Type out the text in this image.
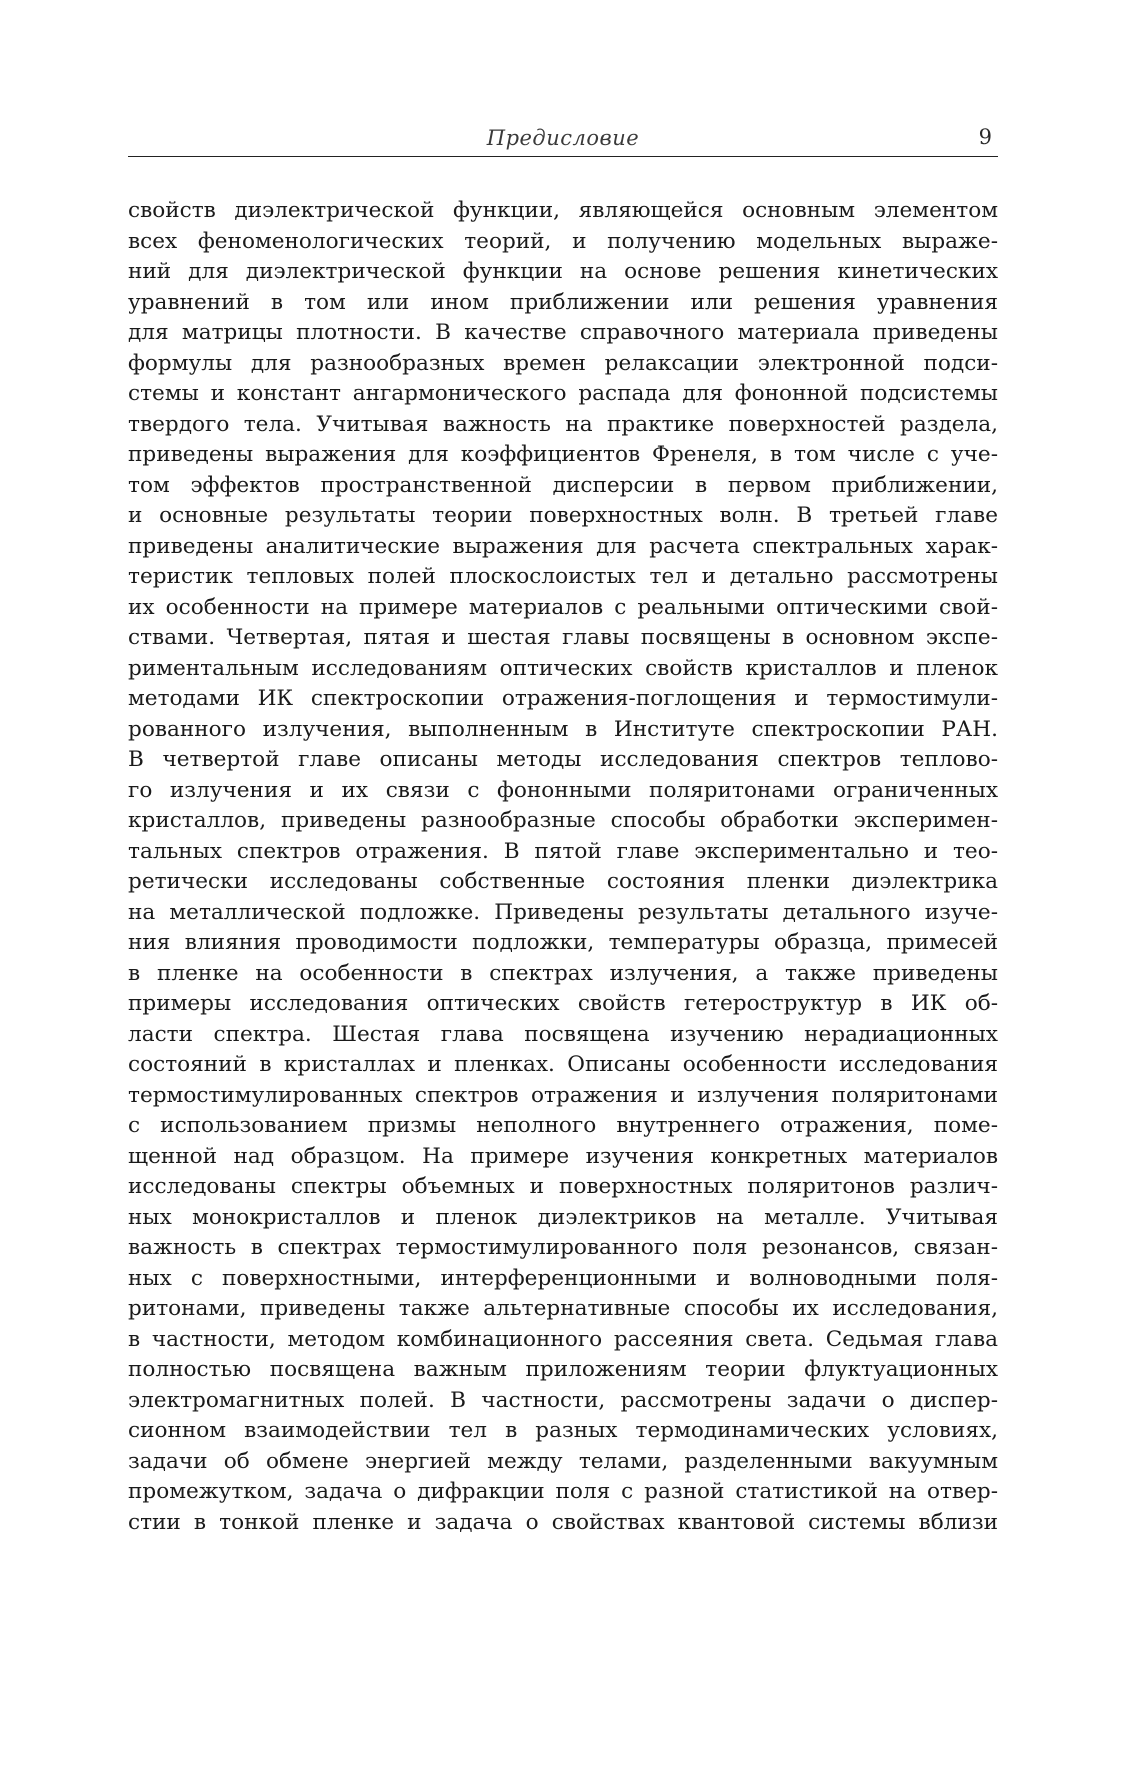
Предисловие	9
свойств диэлектрической функции, являющейся основным элементом
всех феноменологических теорий, и получению модельных выраже-
ний для диэлектрической функции на основе решения кинетических
уравнений в том или ином приближении или решения уравнения
для матрицы плотности. В качестве справочного материала приведены
формулы для разнообразных времен релаксации электронной подси-
стемы и констант ангармонического распада для фононной подсистемы
твердого тела. Учитывая важность на практике поверхностей раздела,
приведены выражения для коэффициентов Френеля, в том числе с уче-
том эффектов пространственной дисперсии в первом приближении,
и основные результаты теории поверхностных волн. В третьей главе
приведены аналитические выражения для расчета спектральных харак-
теристик тепловых полей плоскослоистых тел и детально рассмотрены
их особенности на примере материалов с реальными оптическими свой-
ствами. Четвертая, пятая и шестая главы посвящены в основном экспе-
риментальным исследованиям оптических свойств кристаллов и пленок
методами ИК спектроскопии отражения-поглощения и термостимули-
рованного излучения, выполненным в Институте спектроскопии РАН.
В четвертой главе описаны методы исследования спектров теплово-
го излучения и их связи с фононными поляритонами ограниченных
кристаллов, приведены разнообразные способы обработки эксперимен-
тальных спектров отражения. В пятой главе экспериментально и тео-
ретически исследованы собственные состояния пленки диэлектрика
на металлической подложке. Приведены результаты детального изуче-
ния влияния проводимости подложки, температуры образца, примесей
в пленке на особенности в спектрах излучения, а также приведены
примеры исследования оптических свойств гетероструктур в ИК об-
ласти спектра. Шестая глава посвящена изучению нерадиационных
состояний в кристаллах и пленках. Описаны особенности исследования
термостимулированных спектров отражения и излучения поляритонами
с использованием призмы неполного внутреннего отражения, поме-
щенной над образцом. На примере изучения конкретных материалов
исследованы спектры объемных и поверхностных поляритонов различ-
ных монокристаллов и пленок диэлектриков на металле. Учитывая
важность в спектрах термостимулированного поля резонансов, связан-
ных с поверхностными, интерференционными и волноводными поля-
ритонами, приведены также альтернативные способы их исследования,
в частности, методом комбинационного рассеяния света. Седьмая глава
полностью посвящена важным приложениям теории флуктуационных
электромагнитных полей. В частности, рассмотрены задачи о диспер-
сионном взаимодействии тел в разных термодинамических условиях,
задачи об обмене энергией между телами, разделенными вакуумным
промежутком, задача о дифракции поля с разной статистикой на отвер-
стии в тонкой пленке и задача о свойствах квантовой системы вблизи
